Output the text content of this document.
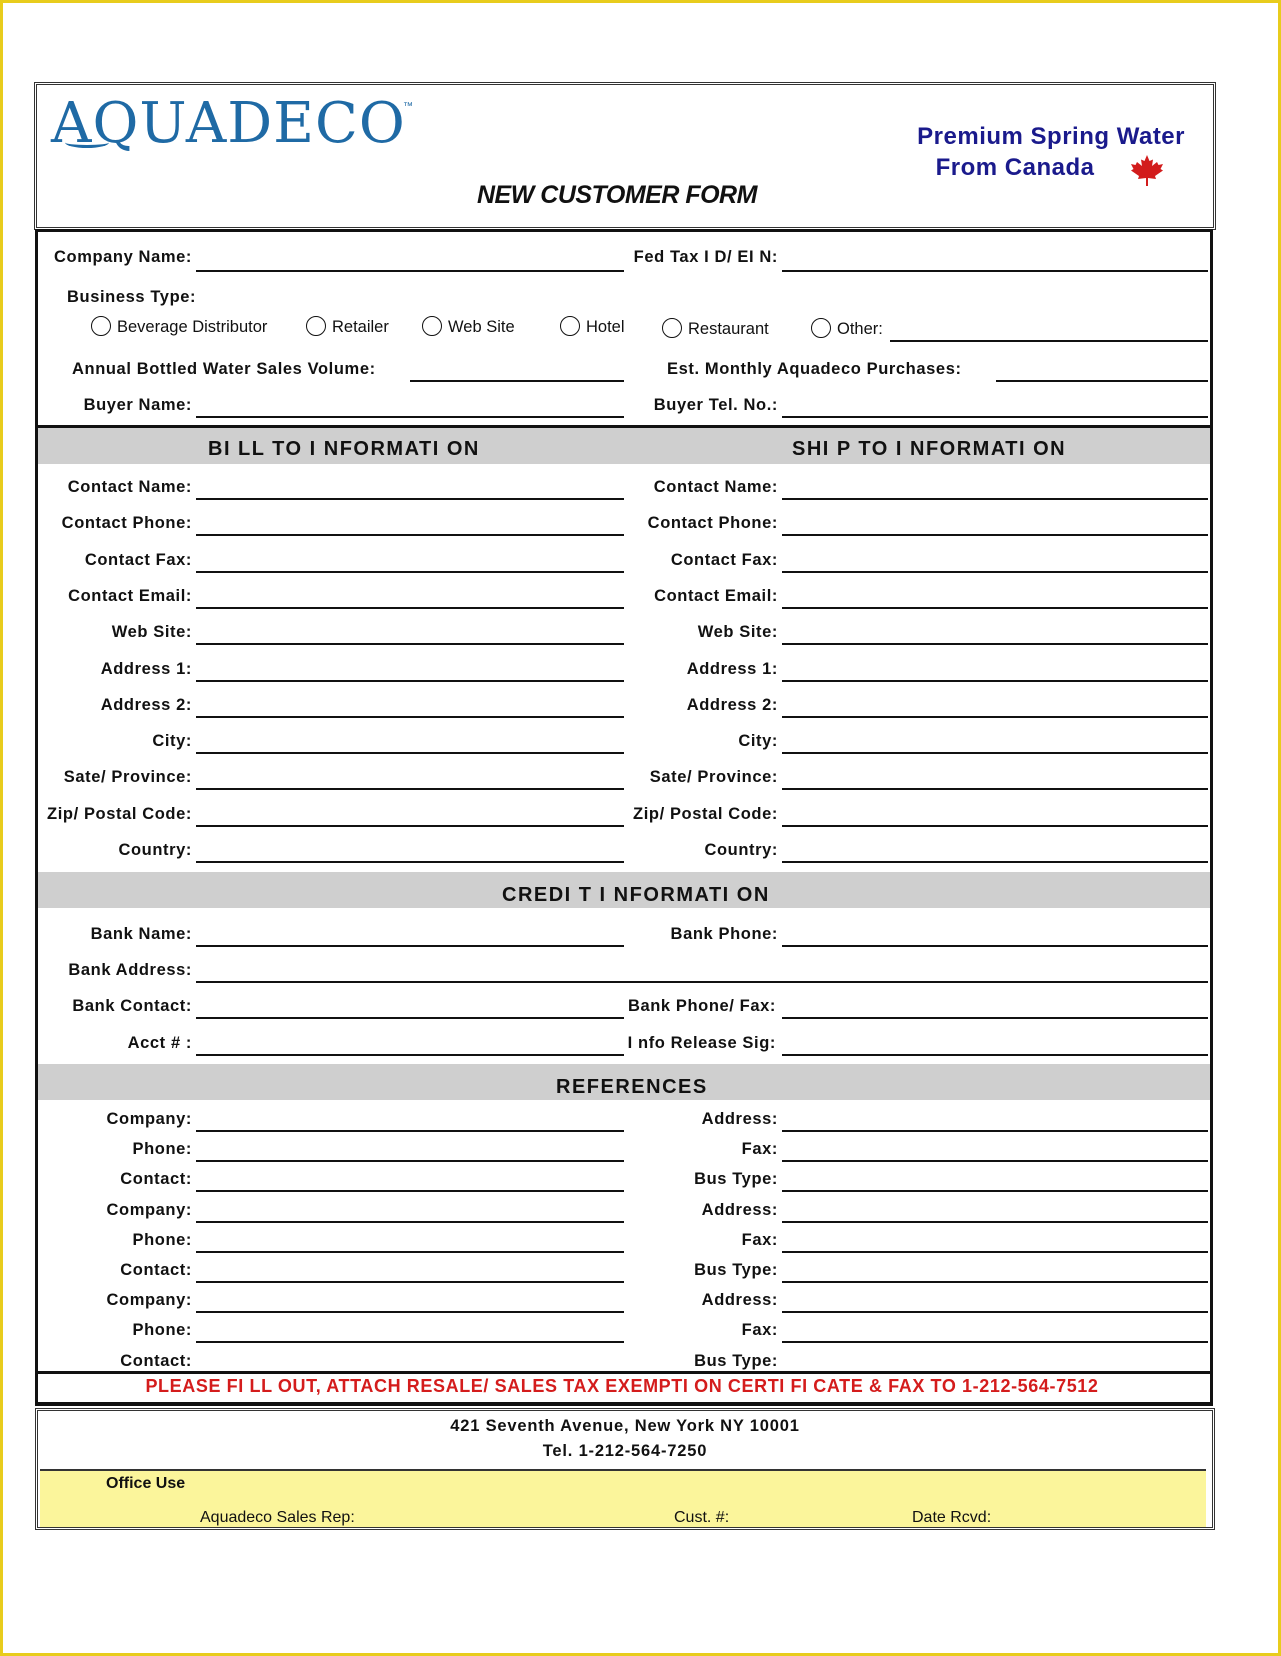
AQUADECO
™
Premium Spring Water
From Canada
NEW CUSTOMER FORM
Company Name:	Fed Tax I D/ EI N:
Business Type:
Beverage Distributor	Retailer	Web Site	Hotel	Restaurant	Other:
Annual Bottled Water Sales Volume:	Est. Monthly Aquadeco Purchases:
Buyer Name:	Buyer Tel. No.:
BI LL TO I NFORMATI ON	SHI P TO I NFORMATI ON
Contact Name:	Contact Name:
Contact Phone:	Contact Phone:
Contact Fax:	Contact Fax:
Contact Email:	Contact Email:
Web Site:	Web Site:
Address 1:	Address 1:
Address 2:	Address 2:
City:	City:
Sate/ Province:	Sate/ Province:
Zip/ Postal Code:	Zip/ Postal Code:
Country:	Country:
CREDI T I NFORMATI ON
Bank Name:	Bank Phone:
Bank Address:
Bank Contact:	Bank Phone/ Fax:
Acct # :	I nfo Release Sig:
REFERENCES
Company:	Address:
Phone:	Fax:
Contact:	Bus Type:
Company:	Address:
Phone:	Fax:
Contact:	Bus Type:
Company:	Address:
Phone:	Fax:
Contact:	Bus Type:
PLEASE FI LL OUT, ATTACH RESALE/ SALES TAX EXEMPTI ON CERTI FI CATE & FAX TO 1-212-564-7512
421 Seventh Avenue, New York NY 10001
Tel. 1-212-564-7250
Office Use
Aquadeco Sales Rep:	Cust. #:	Date Rcvd:
